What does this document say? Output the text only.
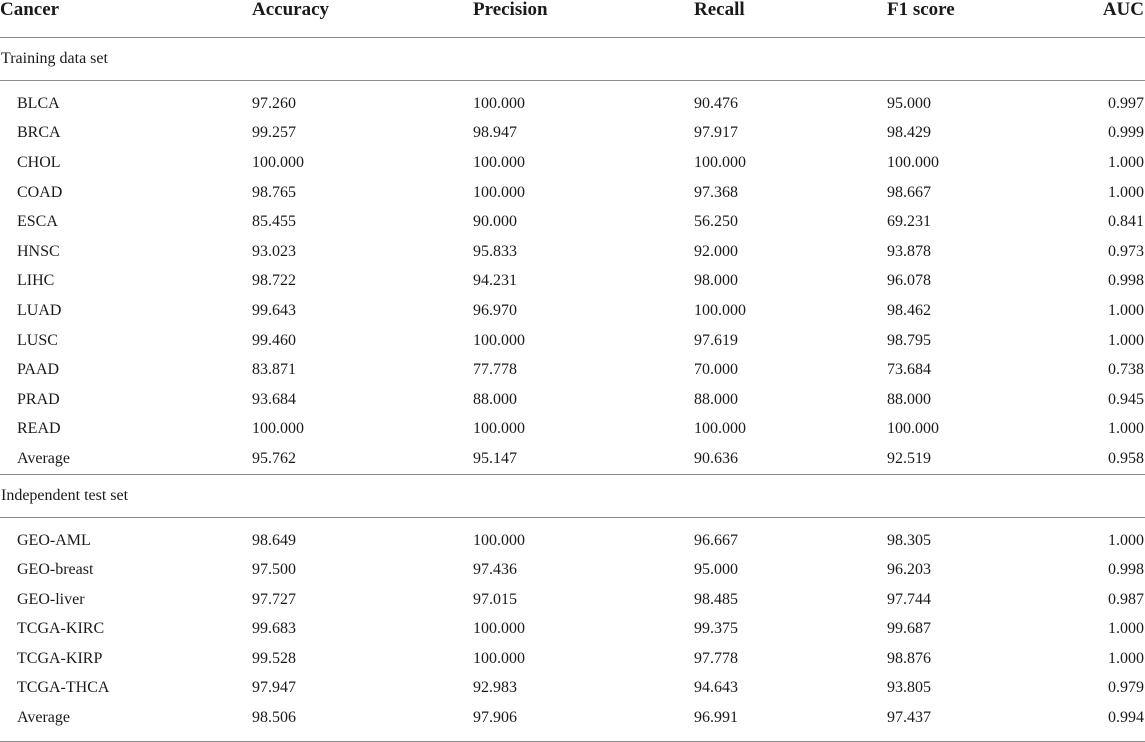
Cancer	Accuracy	Precision	Recall	F1 score	AUC
Training data set					

BLCA	97.260	100.000	90.476	95.000	0.997
BRCA	99.257	98.947	97.917	98.429	0.999
CHOL	100.000	100.000	100.000	100.000	1.000
COAD	98.765	100.000	97.368	98.667	1.000
ESCA	85.455	90.000	56.250	69.231	0.841
HNSC	93.023	95.833	92.000	93.878	0.973
LIHC	98.722	94.231	98.000	96.078	0.998
LUAD	99.643	96.970	100.000	98.462	1.000
LUSC	99.460	100.000	97.619	98.795	1.000
PAAD	83.871	77.778	70.000	73.684	0.738
PRAD	93.684	88.000	88.000	88.000	0.945
READ	100.000	100.000	100.000	100.000	1.000
Average	95.762	95.147	90.636	92.519	0.958
Independent test set					

GEO-AML	98.649	100.000	96.667	98.305	1.000
GEO-breast	97.500	97.436	95.000	96.203	0.998
GEO-liver	97.727	97.015	98.485	97.744	0.987
TCGA-KIRC	99.683	100.000	99.375	99.687	1.000
TCGA-KIRP	99.528	100.000	97.778	98.876	1.000
TCGA-THCA	97.947	92.983	94.643	93.805	0.979
Average	98.506	97.906	96.991	97.437	0.994
